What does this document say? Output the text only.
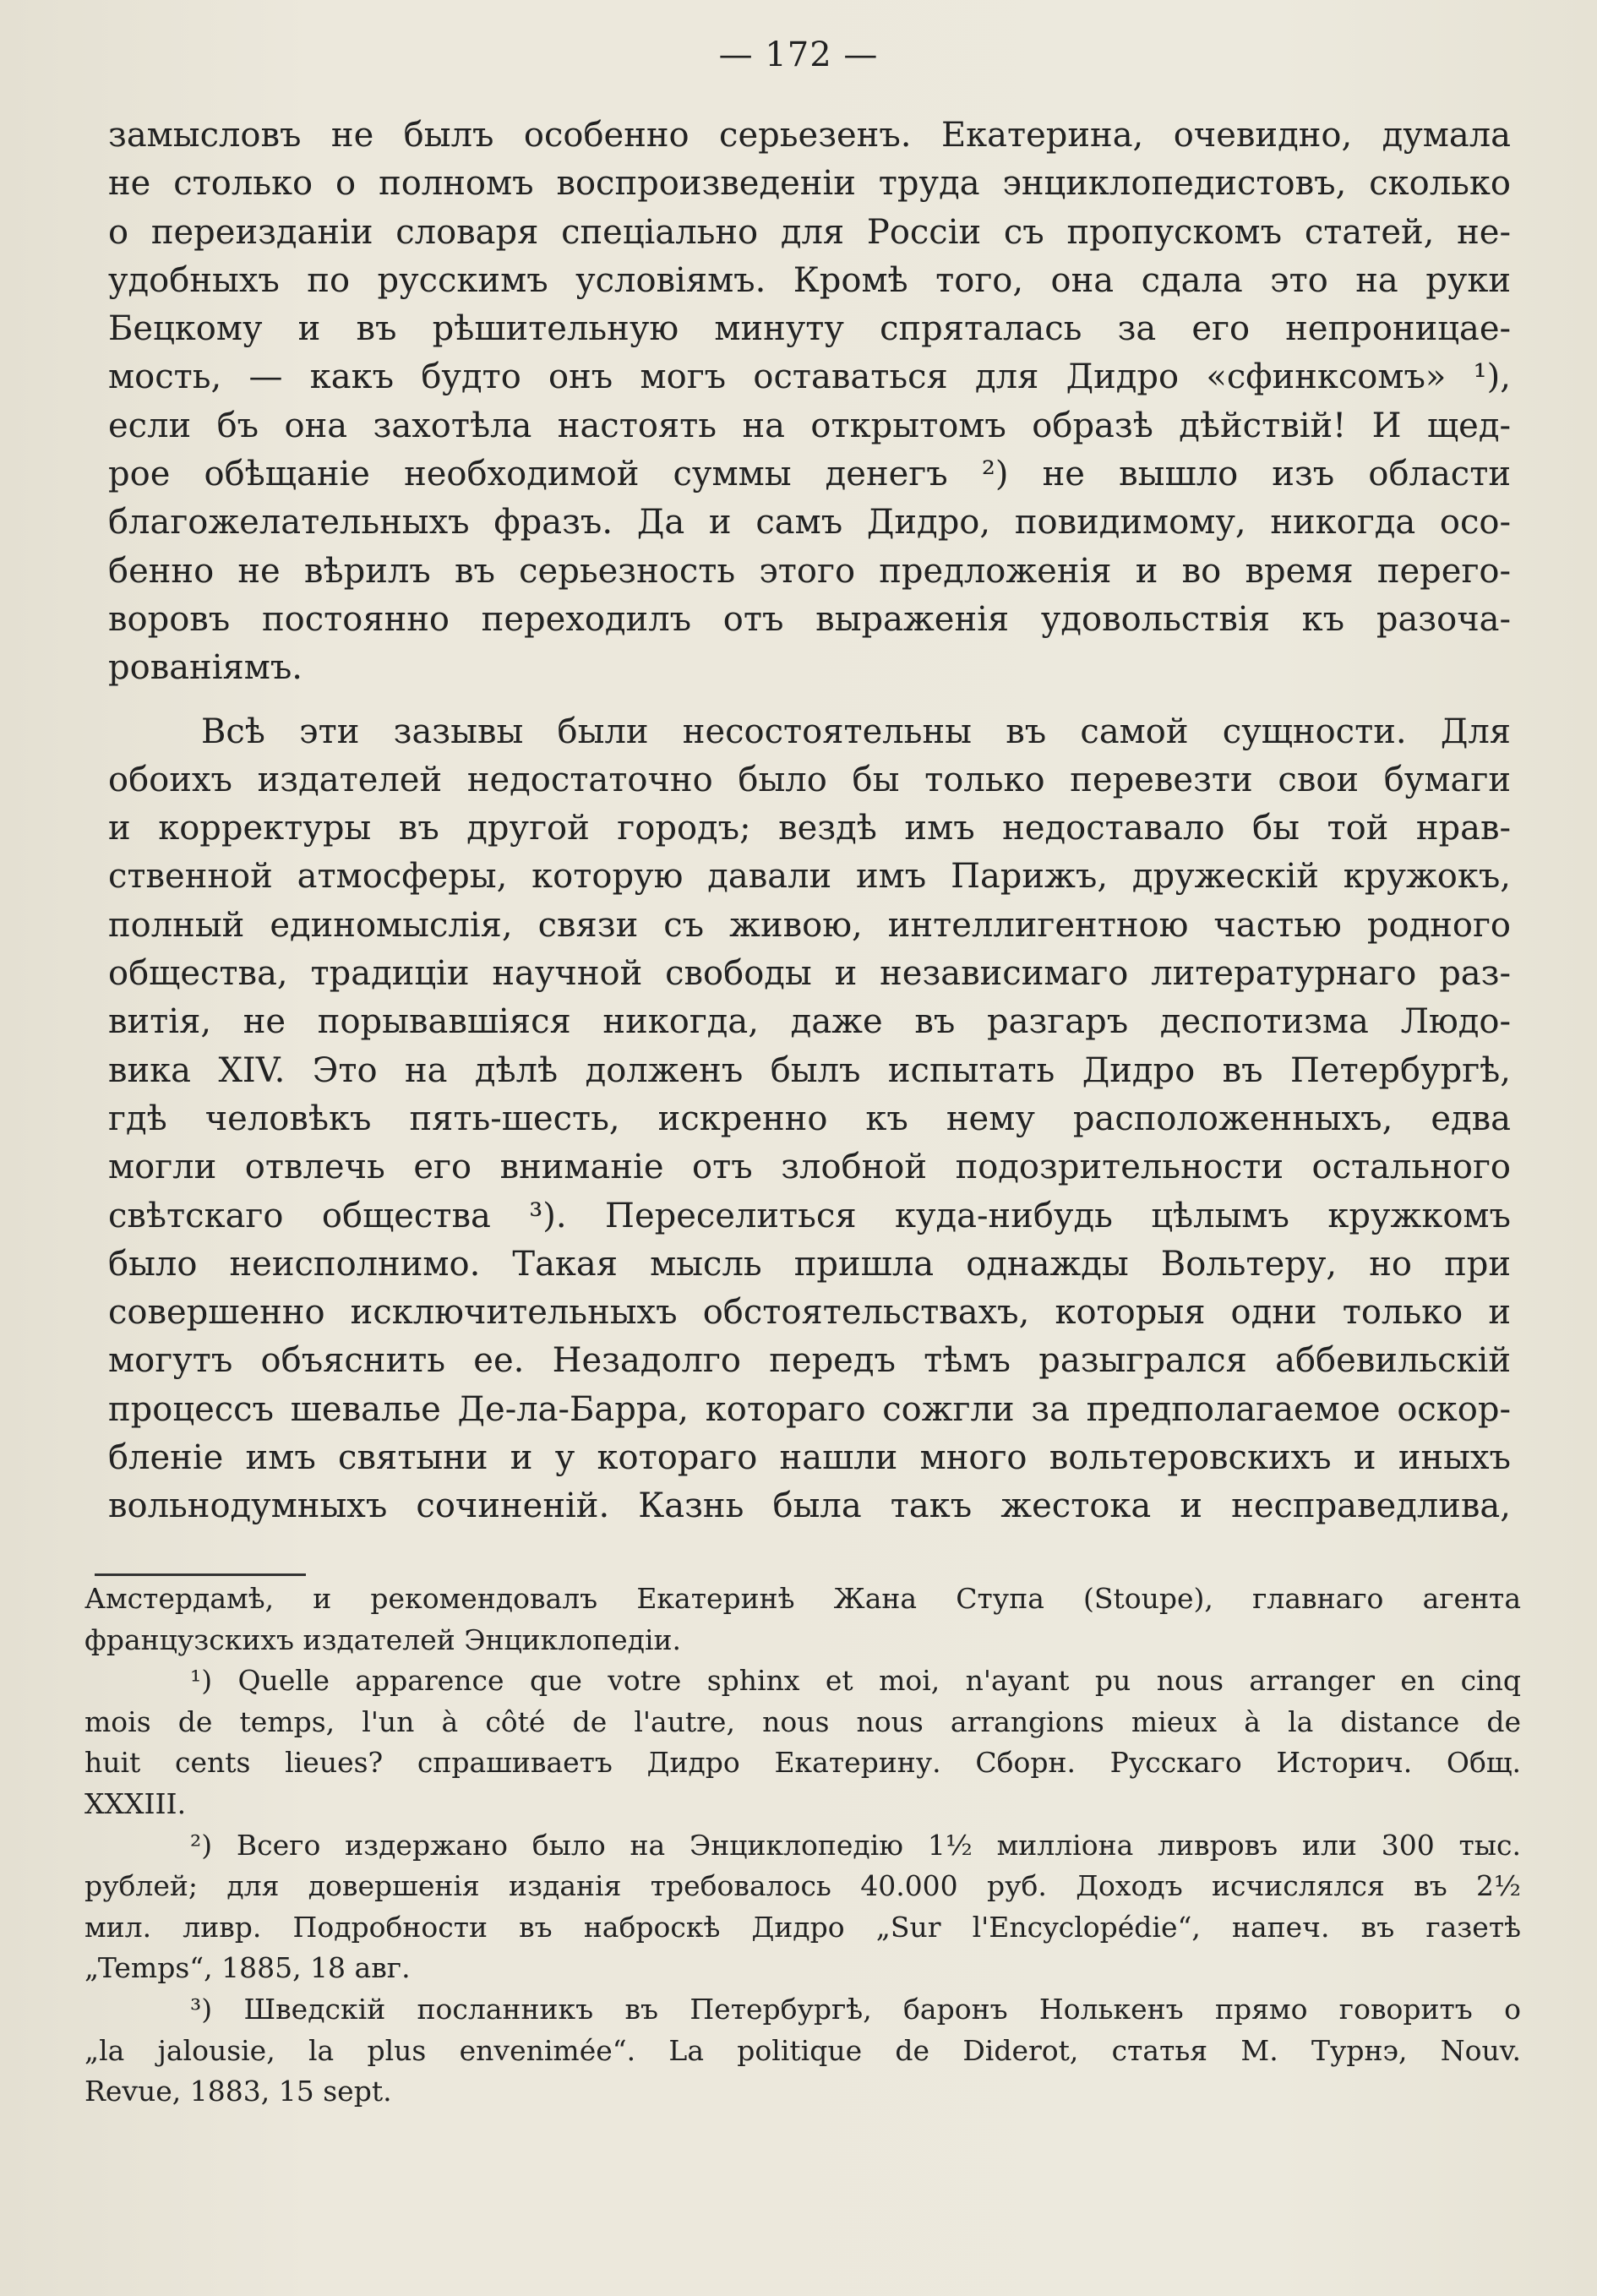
— 172 —
замысловъ не былъ особенно серьезенъ. Екатерина, очевидно, думала
не столько о полномъ воспроизведенiи труда энциклопедистовъ, сколько
о переизданiи словаря спецiально для Россiи съ пропускомъ статей, не-
удобныхъ по русскимъ условiямъ. Кромѣ того, она сдала это на руки
Бецкому и въ рѣшительную минуту спряталась за его непроницае-
мость, — какъ будто онъ могъ оставаться для Дидро «сфинксомъ» ¹),
если бъ она захотѣла настоять на открытомъ образѣ дѣйствiй! И щед-
рое обѣщанiе необходимой суммы денегъ ²) не вышло изъ области
благожелательныхъ фразъ. Да и самъ Дидро, повидимому, никогда осо-
бенно не вѣрилъ въ серьезность этого предложенiя и во время перего-
воровъ постоянно переходилъ отъ выраженiя удовольствiя къ разоча-
рованiямъ.
Всѣ эти зазывы были несостоятельны въ самой сущности. Для
обоихъ издателей недостаточно было бы только перевезти свои бумаги
и корректуры въ другой городъ; вездѣ имъ недоставало бы той нрав-
ственной атмосферы, которую давали имъ Парижъ, дружескiй кружокъ,
полный единомыслiя, связи съ живою, интеллигентною частью родного
общества, традицiи научной свободы и независимаго литературнаго раз-
витiя, не порывавшiяся никогда, даже въ разгаръ деспотизма Людо-
вика XIV. Это на дѣлѣ долженъ былъ испытать Дидро въ Петербургѣ,
гдѣ человѣкъ пять-шесть, искренно къ нему расположенныхъ, едва
могли отвлечь его вниманiе отъ злобной подозрительности остального
свѣтскаго общества ³). Переселиться куда-нибудь цѣлымъ кружкомъ
было неисполнимо. Такая мысль пришла однажды Вольтеру, но при
совершенно исключительныхъ обстоятельствахъ, которыя одни только и
могутъ объяснить ее. Незадолго передъ тѣмъ разыгрался аббевильскiй
процессъ шевалье Де-ла-Барра, котораго сожгли за предполагаемое оскор-
бленiе имъ святыни и у котораго нашли много вольтеровскихъ и иныхъ
вольнодумныхъ сочиненiй. Казнь была такъ жестока и несправедлива,
Амстердамѣ, и рекомендовалъ Екатеринѣ Жана Ступа (Stoupe), главнаго агента
французскихъ издателей Энциклопедiи.
¹) Quelle apparence que votre sphinx et moi, n'ayant pu nous arranger en cinq
mois de temps, l'un à côté de l'autre, nous nous arrangions mieux à la distance de
huit cents lieues? спрашиваетъ Дидро Екатерину. Сборн. Русскаго Историч. Общ.
XXXIII.
²) Всего издержано было на Энциклопедiю 1½ миллiона ливровъ или 300 тыс.
рублей; для довершенiя изданiя требовалось 40.000 руб. Доходъ исчислялся въ 2½
мил. ливр. Подробности въ наброскѣ Дидро „Sur l'Encyclopédie“, напеч. въ газетѣ
„Temps“, 1885, 18 авг.
³) Шведскiй посланникъ въ Петербургѣ, баронъ Нолькенъ прямо говоритъ о
„la jalousie, la plus envenimée“. La politique de Diderot, статья М. Турнэ, Nouv.
Revue, 1883, 15 sept.
